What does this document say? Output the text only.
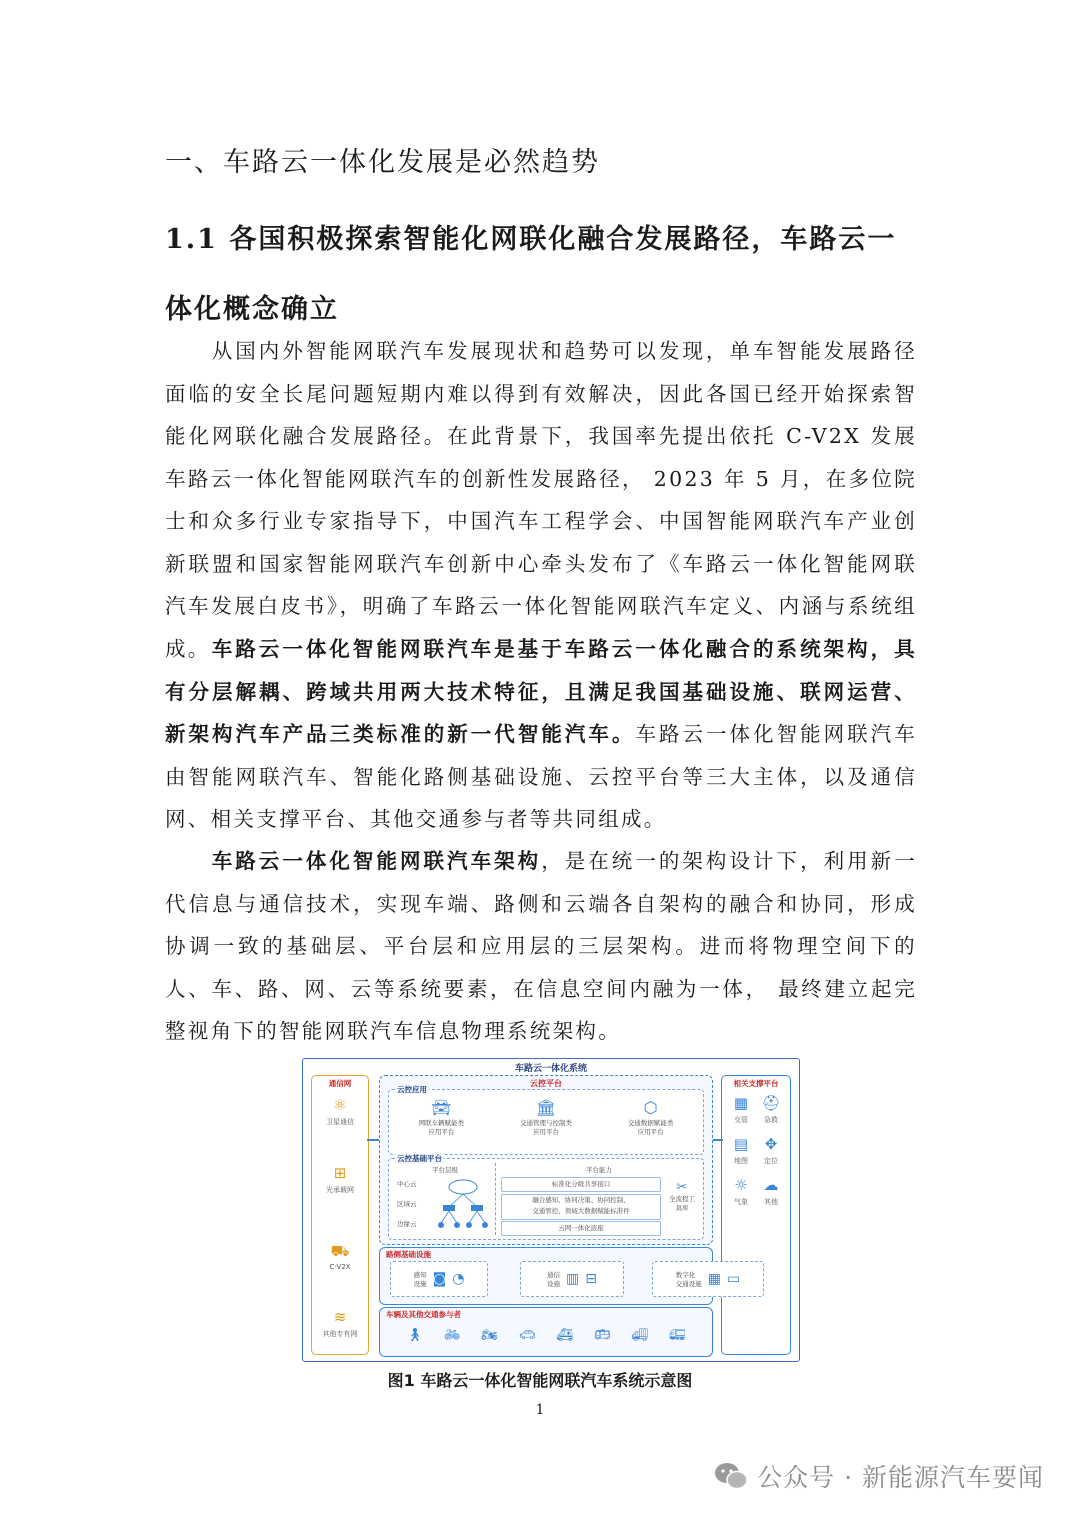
一、车路云一体化发展是必然趋势
1.1 各国积极探索智能化网联化融合发展路径，车路云一体化概念确立
从国内外智能网联汽车发展现状和趋势可以发现，单车智能发展路径面临的安全长尾问题短期内难以得到有效解决，因此各国已经开始探索智能化网联化融合发展路径。在此背景下，我国率先提出依托 C-V2X 发展车路云一体化智能网联汽车的创新性发展路径， 2023 年 5 月，在多位院士和众多行业专家指导下，中国汽车工程学会、中国智能网联汽车产业创新联盟和国家智能网联汽车创新中心牵头发布了《车路云一体化智能网联汽车发展白皮书》，明确了车路云一体化智能网联汽车定义、内涵与系统组成。 车路云一体化智能网联汽车是基于车路云一体化融合的系统架构，具有分层解耦、跨域共用两大技术特征，且满足我国基础设施、联网运营、新架构汽车产品三类标准的新一代智能汽车。车路云一体化智能网联汽车由智能网联汽车、智能化路侧基础设施、云控平台等三大主体，以及通信网、相关支撑平台、其他交通参与者等共同组成。
车路云一体化智能网联汽车架构，是在统一的架构设计下，利用新一代信息与通信技术，实现车端、路侧和云端各自架构的融合和协同，形成协调一致的基础层、平台层和应用层的三层架构。进而将物理空间下的人、车、路、网、云等系统要素，在信息空间内融为一体， 最终建立起完整视角下的智能网联汽车信息物理系统架构。
车路云一体化系统
通信网
⚛
卫星通信
⊞
光承载网
⛟
C-V2X
≋
其他专有网
云控平台
云控应用
🚘︎
网联车辆赋能类
应用平台
🏛︎
交通管理与控制类
应用平台
⬡
交通数据赋能类
应用平台
云控基础平台
平台层级
中心云
区域云
边缘云
平台能力
标准化分级共享接口
融合感知、协同决策、协同控制、
交通管控、领域大数据赋能标准件
云网一体化底座
✂
全流程工具库
相关支撑平台
▦
交管
⛑
急救
▤
地图
✥
定位
☼
气象
☁
其他
路侧基础设施
感知
设施 ◙ ◔	通信
设施 ▥ ⊟	数字化
交通设施 ▦ ▭
车辆及其他交通参与者
🚶︎ 🚲︎ 🏍︎ 🚗︎ 🚑︎ 🚌︎ 🚚︎ 🚛︎
图1 车路云一体化智能网联汽车系统示意图
1
公众号 · 新能源汽车要闻
